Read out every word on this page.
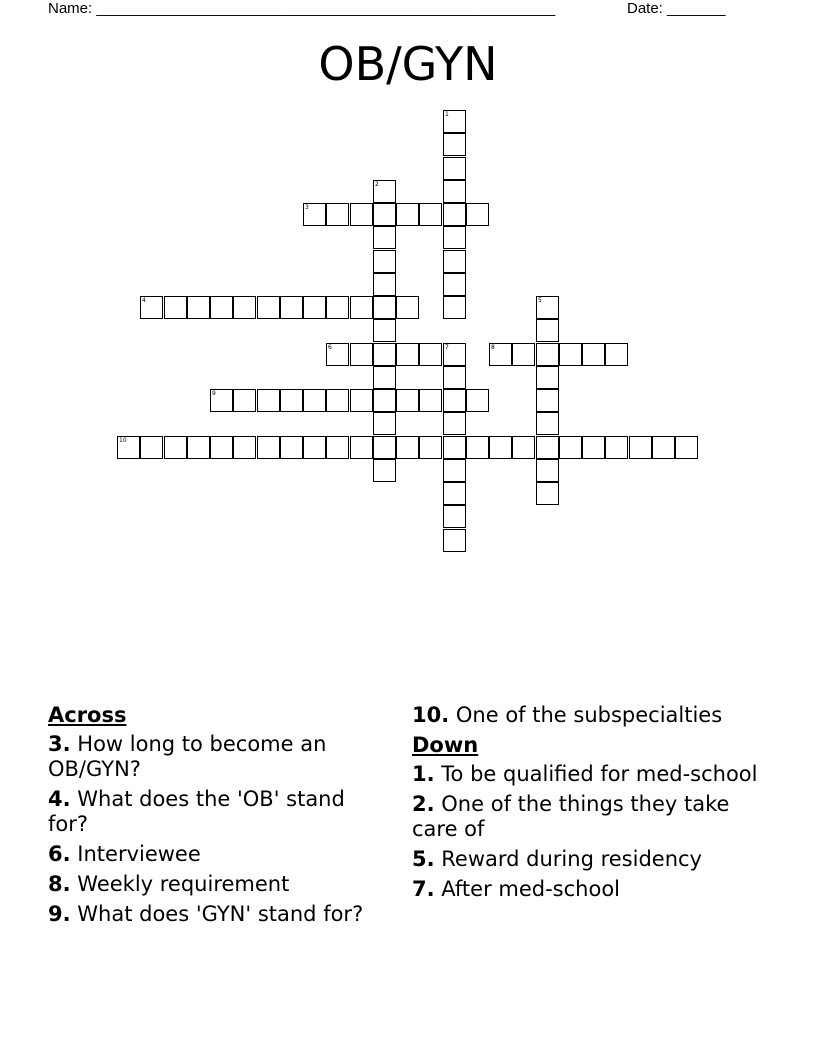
Name: _______________________________________________________	Date: _______
OB/GYN
1
2
3
4	5
6	7	8
9
10
Across
3. How long to become an OB/GYN?
4. What does the 'OB' stand for?
6. Interviewee
8. Weekly requirement
9. What does 'GYN' stand for?
10. One of the subspecialties
Down
1. To be qualified for med-school
2. One of the things they take care of
5. Reward during residency
7. After med-school
